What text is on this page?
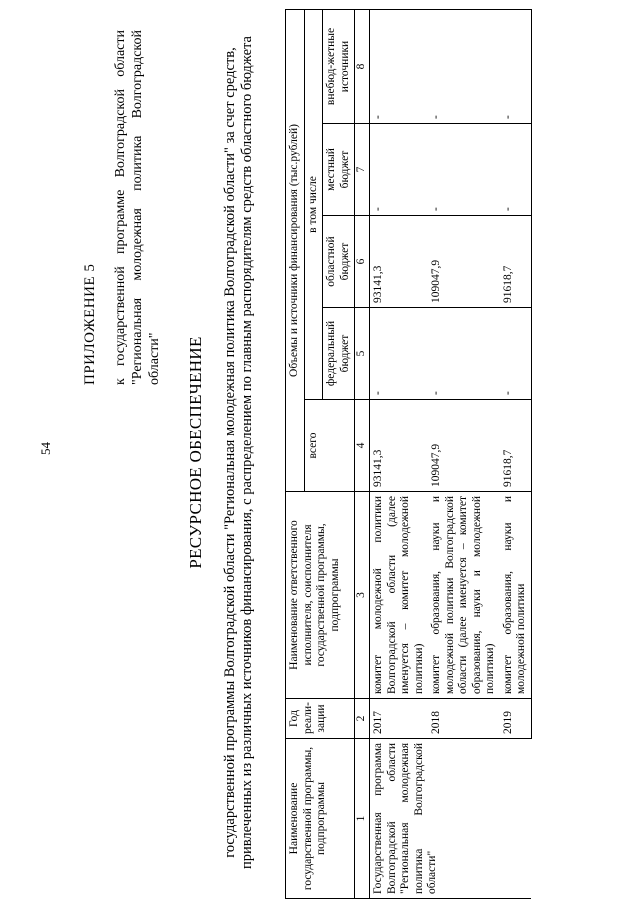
54
ПРИЛОЖЕНИЕ 5 к государственной программе Волгоградской области "Региональная молодежная политика Волгоградской области" РЕСУРСНОЕ ОБЕСПЕЧЕНИЕ государственной программы Волгоградской области "Региональная молодежная политика Волгоградской области" за счет средств, привлеченных из различных источников финансирования, с распределением по главным распорядителям средств областного бюджета	Наименование государственной программы, подпрограммы	Год реали-зации	Наименование ответственного исполнителя, соисполнителя государственной программы, подпрограммы	Объемы и источники финансирования (тыс.рублей)				
			всего	в том числе			
				федеральный бюджет	областной бюджет	местный бюджет	внебюд-жетные источники
1	2	3	4	5	6	7	8
Государственная программа Волгоградской области "Региональная молодежная политика Волгоградской области"	2017	комитет молодежной политики Волгоградской области (далее именуется – комитет молодежной политики)	93141,3	-	93141,3	-	-
	2018	комитет образования, науки и молодежной политики Волгоградской области (далее именуется – комитет образования, науки и молодежной политики)	109047,9	-	109047,9	-	-
	2019	комитет образования, науки и молодежной политики	91618,7	-	91618,7	-	-
